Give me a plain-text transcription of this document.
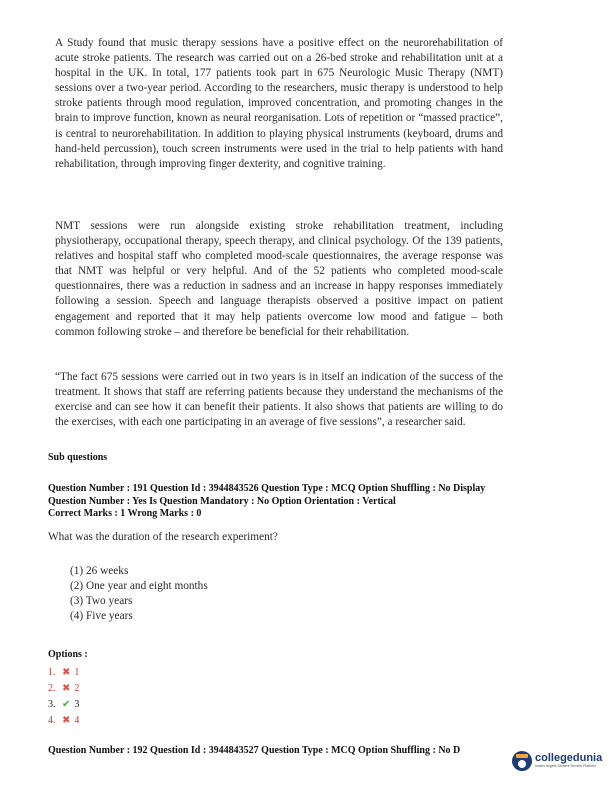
A Study found that music therapy sessions have a positive effect on the neurorehabilitation of acute stroke patients. The research was carried out on a 26-bed stroke and rehabilitation unit at a hospital in the UK. In total, 177 patients took part in 675 Neurologic Music Therapy (NMT) sessions over a two-year period. According to the researchers, music therapy is understood to help stroke patients through mood regulation, improved concentration, and promoting changes in the brain to improve function, known as neural reorganisation. Lots of repetition or “massed practice”, is central to neurorehabilitation. In addition to playing physical instruments (keyboard, drums and hand-held percussion), touch screen instruments were used in the trial to help patients with hand rehabilitation, through improving finger dexterity, and cognitive training.

NMT sessions were run alongside existing stroke rehabilitation treatment, including physiotherapy, occupational therapy, speech therapy, and clinical psychology. Of the 139 patients, relatives and hospital staff who completed mood-scale questionnaires, the average response was that NMT was helpful or very helpful. And of the 52 patients who completed mood-scale questionnaires, there was a reduction in sadness and an increase in happy responses immediately following a session. Speech and language therapists observed a positive impact on patient engagement and reported that it may help patients overcome low mood and fatigue – both common following stroke – and therefore be beneficial for their rehabilitation.

“The fact 675 sessions were carried out in two years is in itself an indication of the success of the treatment. It shows that staff are referring patients because they understand the mechanisms of the exercise and can see how it can benefit their patients. It also shows that patients are willing to do the exercises, with each one participating in an average of five sessions”, a researcher said.

Sub questions
Question Number : 191 Question Id : 3944843526 Question Type : MCQ Option Shuffling : No Display
Question Number : Yes Is Question Mandatory : No Option Orientation : Vertical
Correct Marks : 1 Wrong Marks : 0
What was the duration of the research experiment?
(1) 26 weeks
(2) One year and eight months
(3) Two years
(4) Five years
Options :
1. ✖ 1
2. ✖ 2
3. ✔ 3
4. ✖ 4
Question Number : 192 Question Id : 3944843527 Question Type : MCQ Option Shuffling : No D
collegedunia
India's largest Student Review Platform
